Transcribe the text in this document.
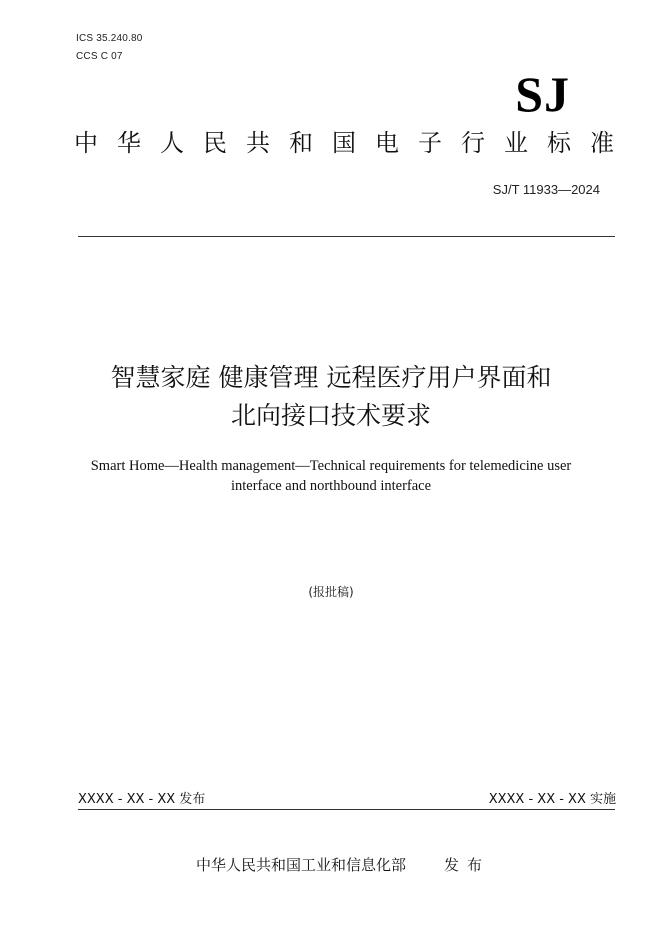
ICS 35.240.80
CCS C 07
SJ
中 华 人 民 共 和 国 电 子 行 业 标 准
SJ/T 11933—2024
智慧家庭 健康管理 远程医疗用户界面和
北向接口技术要求
Smart Home—Health management—Technical requirements for telemedicine user
interface and northbound interface
(报批稿)
XXXX - XX - XX 发布	XXXX - XX - XX 实施
中华人民共和国工业和信息化部	发布
